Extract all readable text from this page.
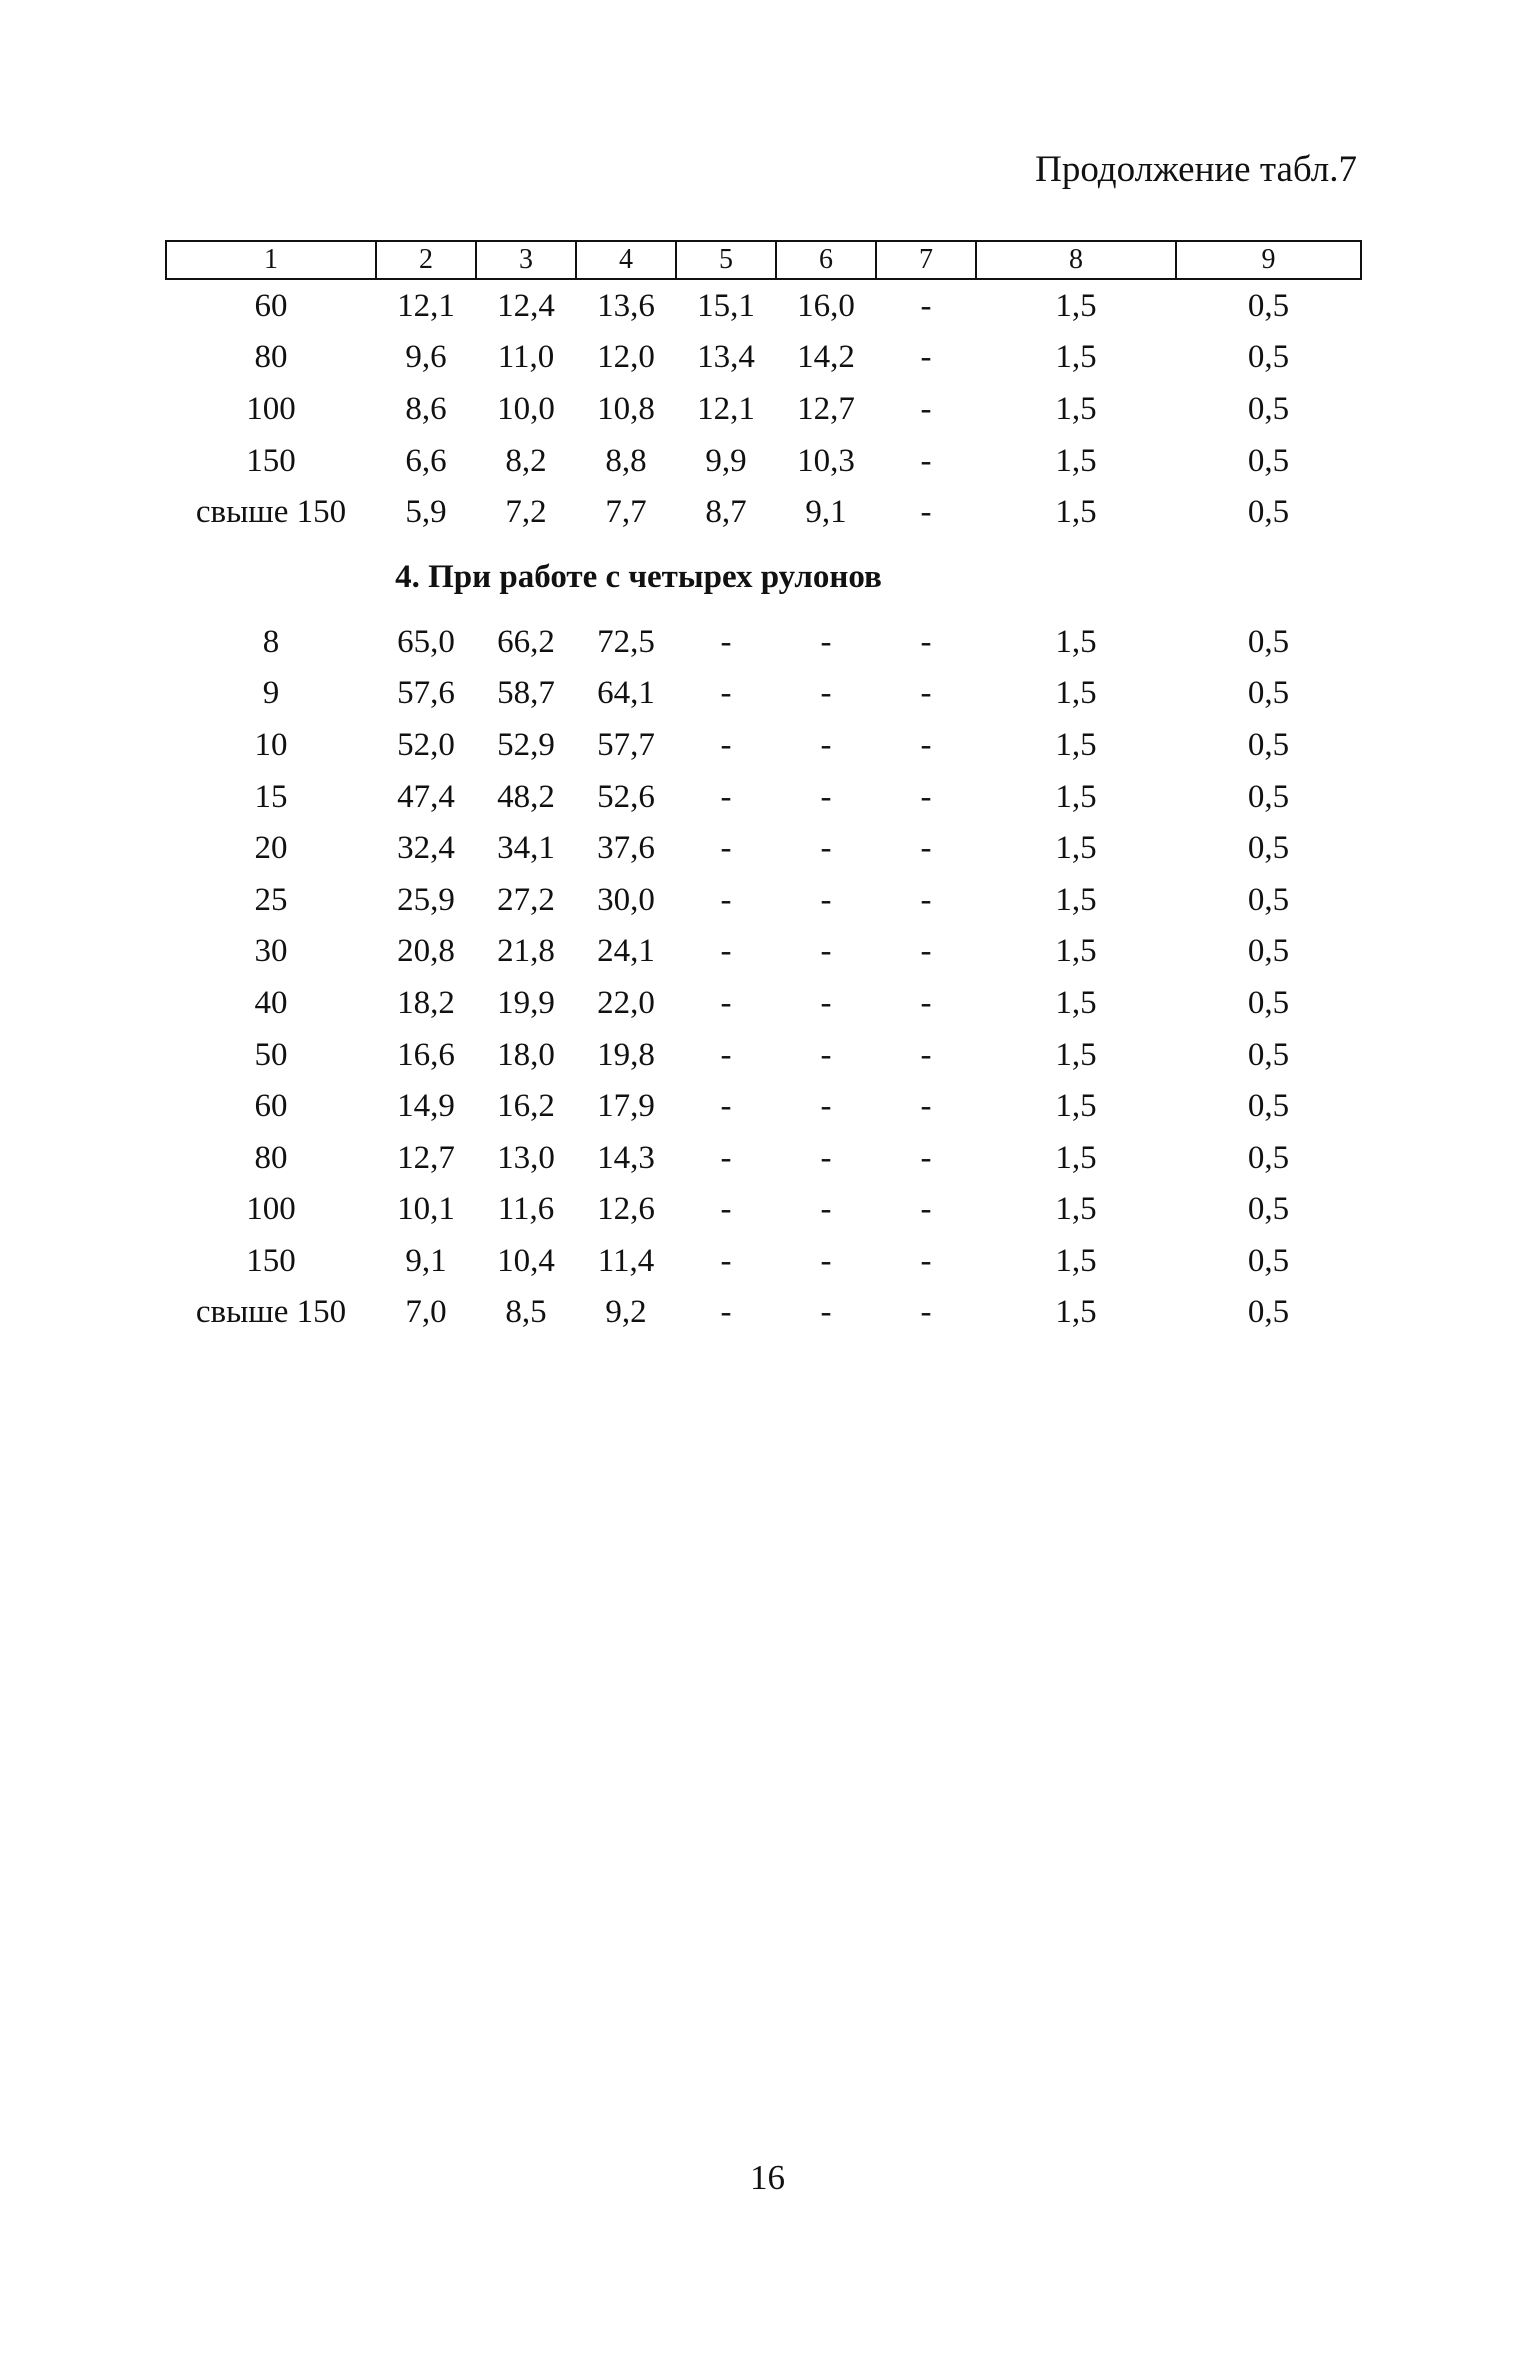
Продолжение табл.7
1	2	3	4	5	6	7	8	9
60	12,1	12,4	13,6	15,1	16,0	-	1,5	0,5
80	9,6	11,0	12,0	13,4	14,2	-	1,5	0,5
100	8,6	10,0	10,8	12,1	12,7	-	1,5	0,5
150	6,6	8,2	8,8	9,9	10,3	-	1,5	0,5
свыше 150	5,9	7,2	7,7	8,7	9,1	-	1,5	0,5
4. При работе с четырех рулонов								
8	65,0	66,2	72,5	-	-	-	1,5	0,5
9	57,6	58,7	64,1	-	-	-	1,5	0,5
10	52,0	52,9	57,7	-	-	-	1,5	0,5
15	47,4	48,2	52,6	-	-	-	1,5	0,5
20	32,4	34,1	37,6	-	-	-	1,5	0,5
25	25,9	27,2	30,0	-	-	-	1,5	0,5
30	20,8	21,8	24,1	-	-	-	1,5	0,5
40	18,2	19,9	22,0	-	-	-	1,5	0,5
50	16,6	18,0	19,8	-	-	-	1,5	0,5
60	14,9	16,2	17,9	-	-	-	1,5	0,5
80	12,7	13,0	14,3	-	-	-	1,5	0,5
100	10,1	11,6	12,6	-	-	-	1,5	0,5
150	9,1	10,4	11,4	-	-	-	1,5	0,5
свыше 150	7,0	8,5	9,2	-	-	-	1,5	0,5
16
